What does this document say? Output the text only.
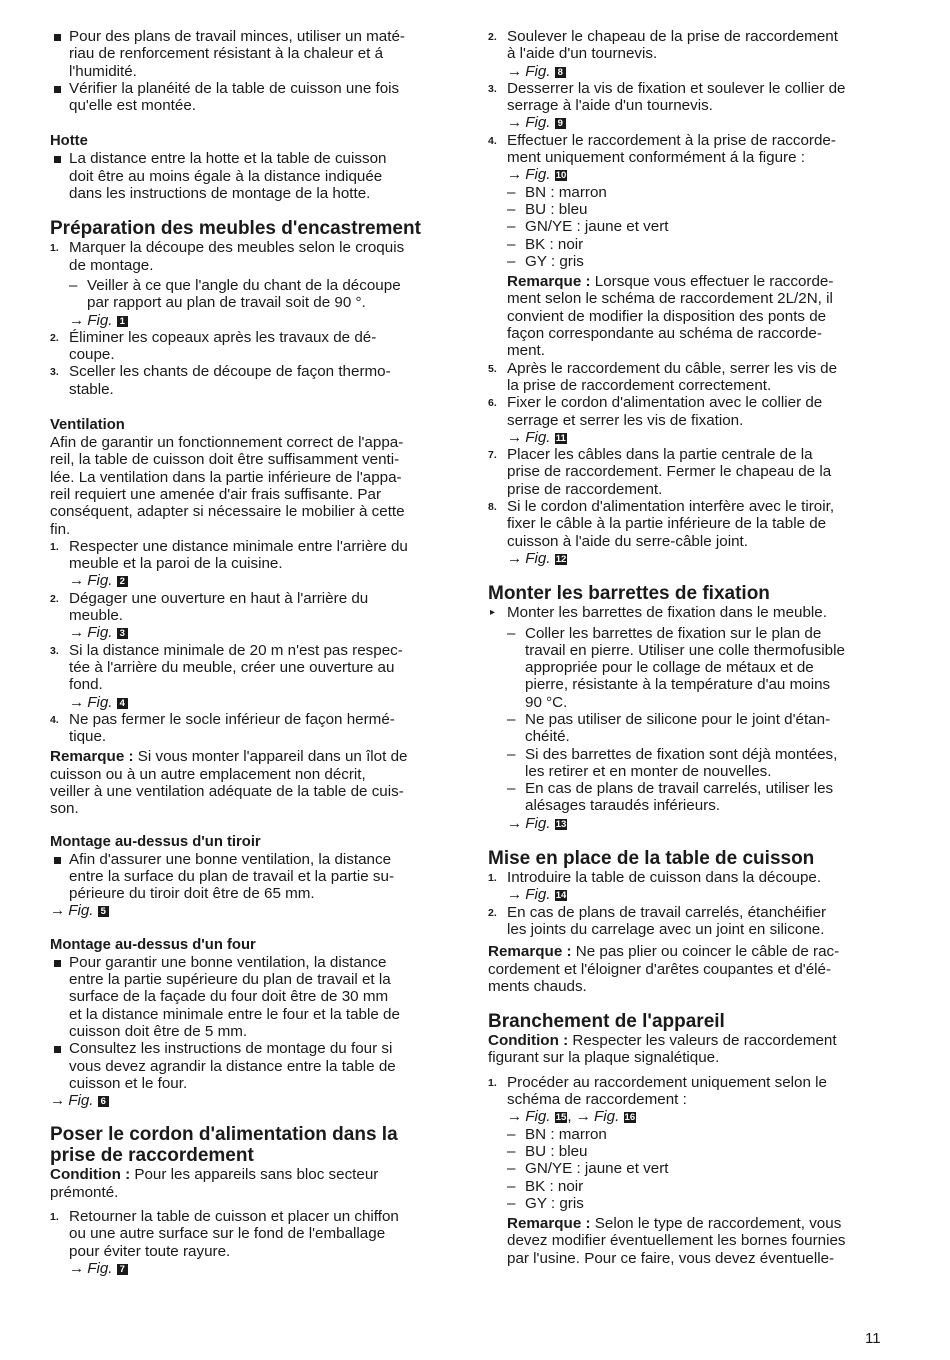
Pour des plans de travail minces, utiliser un maté-
riau de renforcement résistant à la chaleur et á
l'humidité.

Vérifier la planéité de la table de cuisson une fois
qu'elle est montée.

Hotte

La distance entre la hotte et la table de cuisson
doit être au moins égale à la distance indiquée
dans les instructions de montage de la hotte.

Préparation des meubles d'encastrement
1. Marquer la découpe des meubles selon le croquis
de montage.

– Veiller à ce que l'angle du chant de la découpe
par rapport au plan de travail soit de 90 °.

→ Fig. 1
2. Éliminer les copeaux après les travaux de dé-
coupe.

3. Sceller les chants de découpe de façon thermo-
stable.

Ventilation

Afin de garantir un fonctionnement correct de l'appa-
reil, la table de cuisson doit être suffisamment venti-
lée. La ventilation dans la partie inférieure de l'appa-
reil requiert une amenée d'air frais suffisante. Par
conséquent, adapter si nécessaire le mobilier à cette
fin.

1. Respecter une distance minimale entre l'arrière du
meuble et la paroi de la cuisine.

→ Fig. 2
2. Dégager une ouverture en haut à l'arrière du
meuble.

→ Fig. 3
3. Si la distance minimale de 20 m n'est pas respec-
tée à l'arrière du meuble, créer une ouverture au
fond.

→ Fig. 4
4. Ne pas fermer le socle inférieur de façon hermé-
tique.

Remarque : Si vous monter l'appareil dans un îlot de
cuisson ou à un autre emplacement non décrit,
veiller à une ventilation adéquate de la table de cuis-
son.

Montage au-dessus d'un tiroir

Afin d'assurer une bonne ventilation, la distance
entre la surface du plan de travail et la partie su-
périeure du tiroir doit être de 65 mm.

→ Fig. 5
Montage au-dessus d'un four

Pour garantir une bonne ventilation, la distance
entre la partie supérieure du plan de travail et la
surface de la façade du four doit être de 30 mm
et la distance minimale entre le four et la table de
cuisson doit être de 5 mm.

Consultez les instructions de montage du four si
vous devez agrandir la distance entre la table de
cuisson et le four.

→ Fig. 6
Poser le cordon d'alimentation dans la
prise de raccordement

Condition : Pour les appareils sans bloc secteur
prémonté.

1. Retourner la table de cuisson et placer un chiffon
ou une autre surface sur le fond de l'emballage
pour éviter toute rayure.

→ Fig. 7
2. Soulever le chapeau de la prise de raccordement
à l'aide d'un tournevis.

→ Fig. 8
3. Desserrer la vis de fixation et soulever le collier de
serrage à l'aide d'un tournevis.

→ Fig. 9
4. Effectuer le raccordement à la prise de raccorde-
ment uniquement conformément á la figure :

→ Fig. 10
– BN : marron

– BU : bleu

– GN/YE : jaune et vert

– BK : noir

– GY : gris

Remarque : Lorsque vous effectuer le raccorde-
ment selon le schéma de raccordement 2L/2N, il
convient de modifier la disposition des ponts de
façon correspondante au schéma de raccorde-
ment.

5. Après le raccordement du câble, serrer les vis de
la prise de raccordement correctement.

6. Fixer le cordon d'alimentation avec le collier de
serrage et serrer les vis de fixation.

→ Fig. 11
7. Placer les câbles dans la partie centrale de la
prise de raccordement. Fermer le chapeau de la
prise de raccordement.

8. Si le cordon d'alimentation interfère avec le tiroir,
fixer le câble à la partie inférieure de la table de
cuisson à l'aide du serre-câble joint.

→ Fig. 12
Monter les barrettes de fixation
▸ Monter les barrettes de fixation dans le meuble.

– Coller les barrettes de fixation sur le plan de
travail en pierre. Utiliser une colle thermofusible
appropriée pour le collage de métaux et de
pierre, résistante à la température d'au moins
90 °C.

– Ne pas utiliser de silicone pour le joint d'étan-
chéité.

– Si des barrettes de fixation sont déjà montées,
les retirer et en monter de nouvelles.

– En cas de plans de travail carrelés, utiliser les
alésages taraudés inférieurs.

→ Fig. 13
Mise en place de la table de cuisson
1. Introduire la table de cuisson dans la découpe.

→ Fig. 14
2. En cas de plans de travail carrelés, étanchéifier
les joints du carrelage avec un joint en silicone.

Remarque : Ne pas plier ou coincer le câble de rac-
cordement et l'éloigner d'arêtes coupantes et d'élé-
ments chauds.

Branchement de l'appareil

Condition : Respecter les valeurs de raccordement
figurant sur la plaque signalétique.

1. Procéder au raccordement uniquement selon le
schéma de raccordement :

→ Fig. 15, → Fig. 16
– BN : marron

– BU : bleu

– GN/YE : jaune et vert

– BK : noir

– GY : gris

Remarque : Selon le type de raccordement, vous
devez modifier éventuellement les bornes fournies
par l'usine. Pour ce faire, vous devez éventuelle-

11
